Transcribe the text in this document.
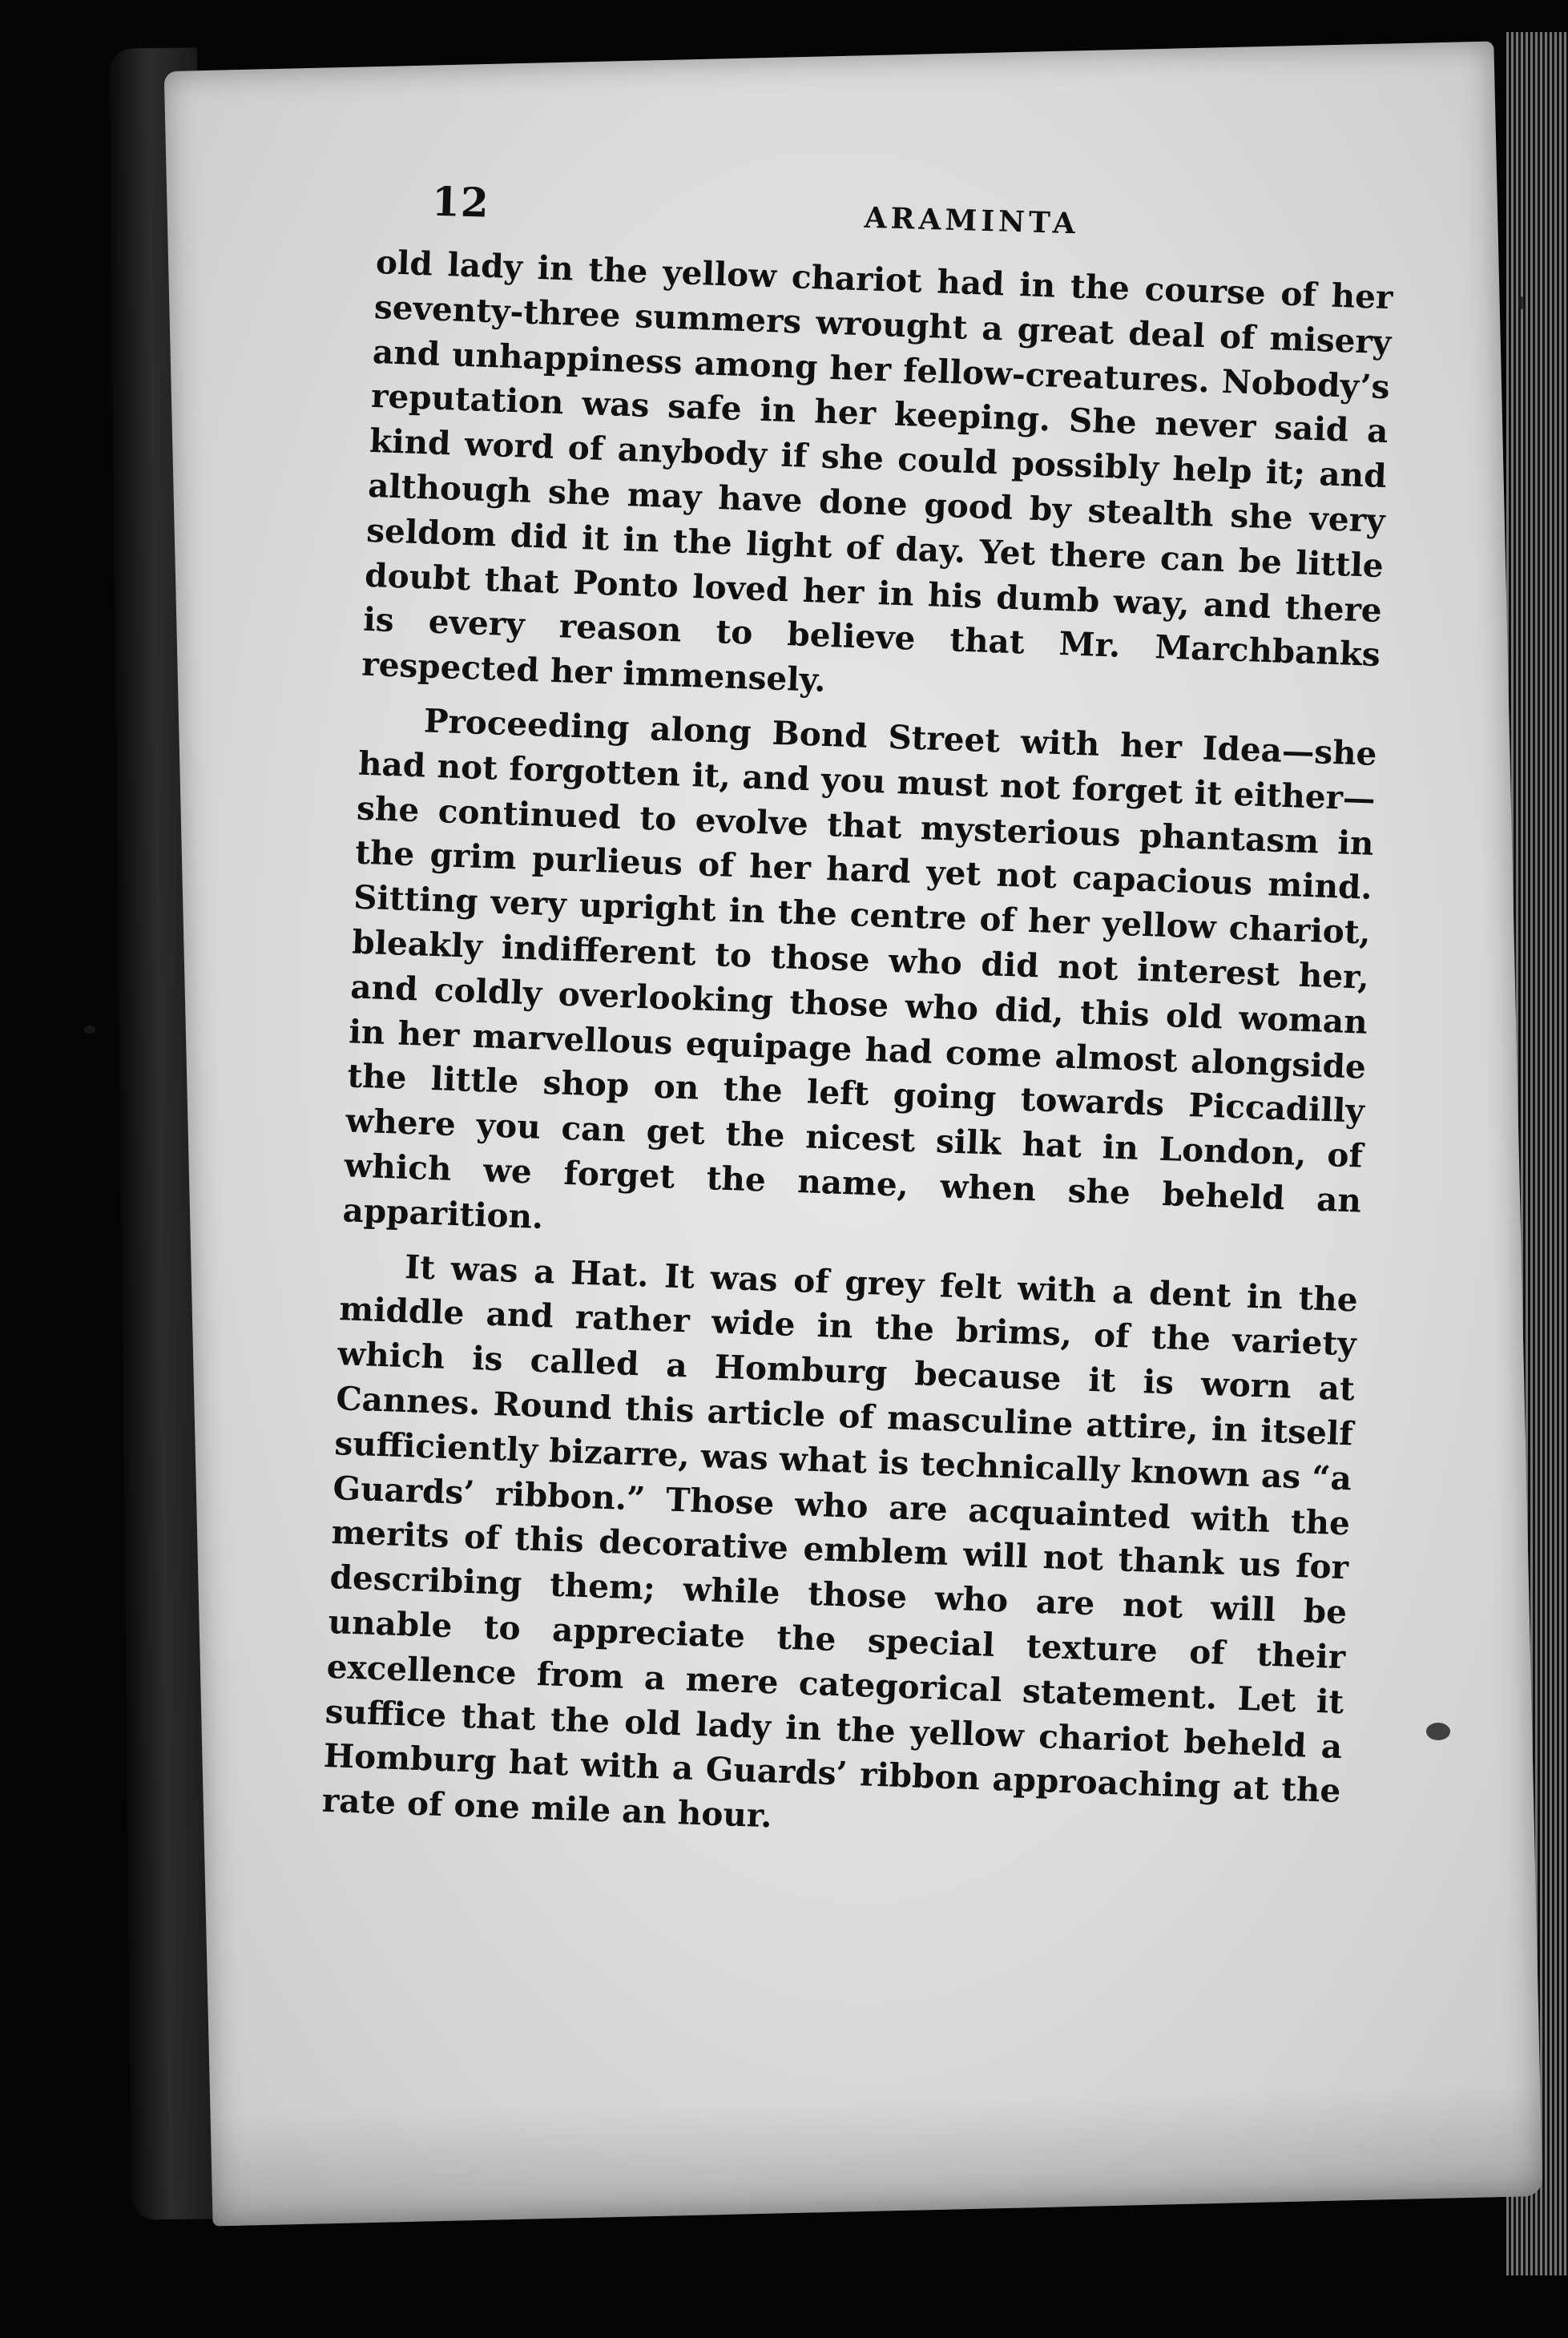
12	ARAMINTA

old lady in the yellow chariot had in the course of her seventy-three summers wrought a great deal of misery and unhappiness among her fellow-creatures. Nobody’s reputation was safe in her keeping. She never said a kind word of anybody if she could possibly help it; and although she may have done good by stealth she very seldom did it in the light of day. Yet there can be little doubt that Ponto loved her in his dumb way, and there is every reason to believe that Mr. Marchbanks respected her immensely.

Proceeding along Bond Street with her Idea—she had not forgotten it, and you must not forget it either—she continued to evolve that mysterious phantasm in the grim purlieus of her hard yet not capacious mind. Sitting very upright in the centre of her yellow chariot, bleakly indifferent to those who did not interest her, and coldly overlooking those who did, this old woman in her marvellous equipage had come almost alongside the little shop on the left going towards Piccadilly where you can get the nicest silk hat in London, of which we forget the name, when she beheld an apparition.

It was a Hat. It was of grey felt with a dent in the middle and rather wide in the brims, of the variety which is called a Homburg because it is worn at Cannes. Round this article of masculine attire, in itself sufficiently bizarre, was what is technically known as “a Guards’ ribbon.” Those who are acquainted with the merits of this decorative emblem will not thank us for describing them; while those who are not will be unable to appreciate the special texture of their excellence from a mere categorical statement. Let it suffice that the old lady in the yellow chariot beheld a Homburg hat with a Guards’ ribbon approaching at the rate of one mile an hour.
